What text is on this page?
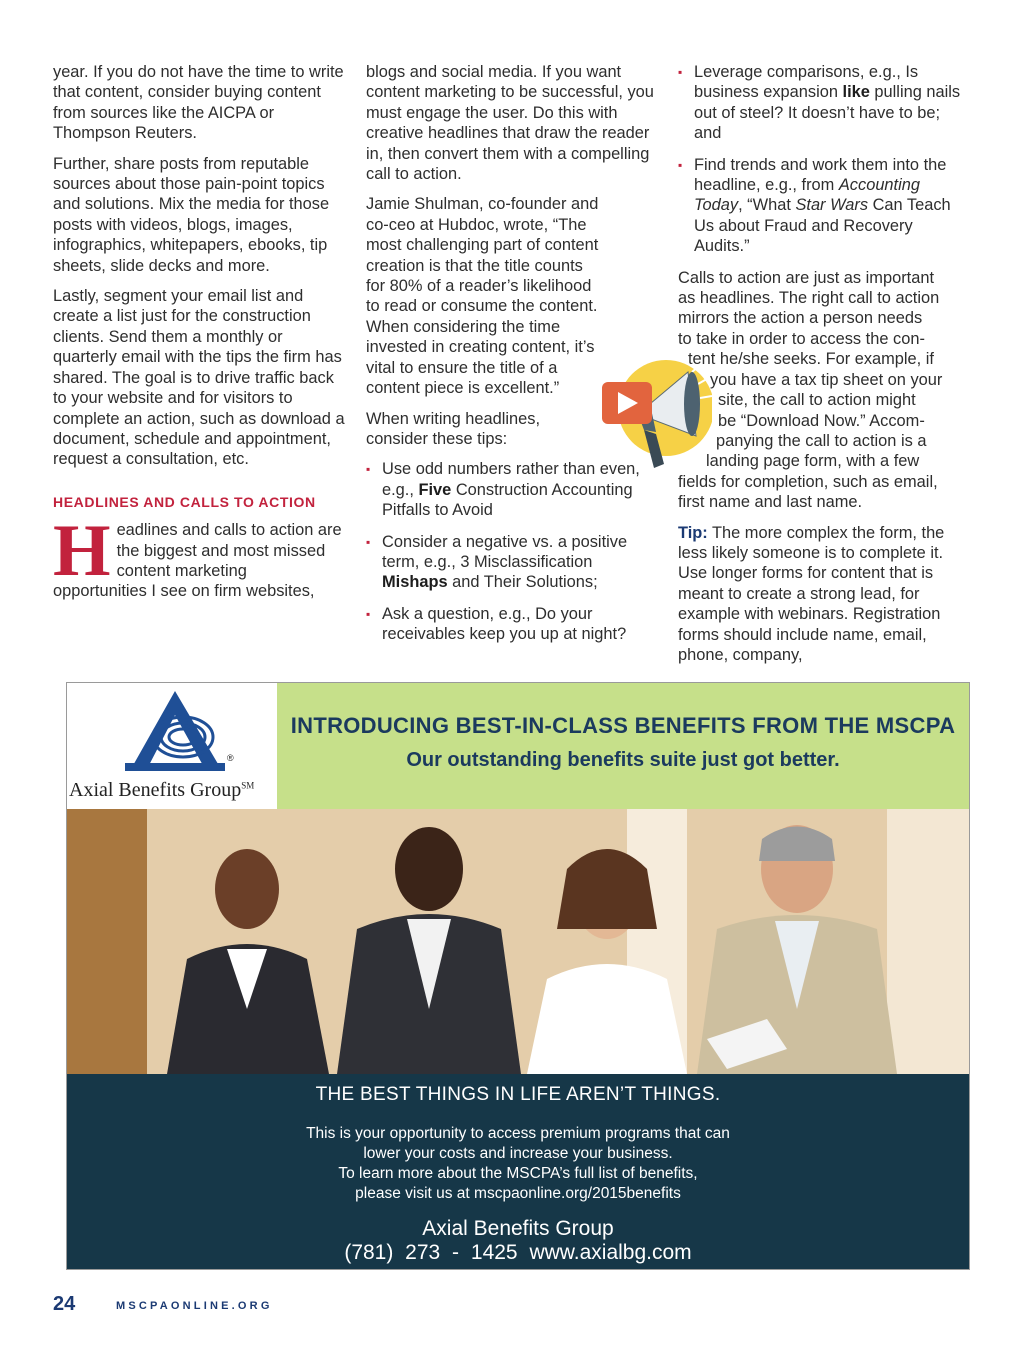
year. If you do not have the time to write that content, consider buying content from sources like the AICPA or Thompson Reuters.

Further, share posts from reputable sources about those pain-point topics and solutions. Mix the media for those posts with videos, blogs, images, infographics, whitepapers, ebooks, tip sheets, slide decks and more.

Lastly, segment your email list and create a list just for the construction clients. Send them a monthly or quarterly email with the tips the firm has shared. The goal is to drive traffic back to your website and for visitors to complete an action, such as download a document, schedule and appointment, request a consultation, etc.

HEADLINES AND CALLS TO ACTION
H eadlines and calls to action are the biggest and most missed content marketing opportunities I see on firm websites,

blogs and social media. If you want content marketing to be successful, you must engage the user. Do this with creative headlines that draw the reader in, then convert them with a compelling call to action.

Jamie Shulman, co-founder and co-ceo at Hubdoc, wrote, “The most challenging part of content creation is that the title counts for 80% of a reader’s likelihood to read or consume the content. When considering the time invested in creating content, it’s vital to ensure the title of a content piece is excellent.”

When writing headlines, consider these tips:

▪ Use odd numbers rather than even, e.g., Five Construction Accounting Pitfalls to Avoid
▪ Consider a negative vs. a positive term, e.g., 3 Misclassification Mishaps and Their Solutions;
▪ Ask a question, e.g., Do your receivables keep you up at night?
▪ Leverage comparisons, e.g., Is business expansion like pulling nails out of steel? It doesn’t have to be; and
▪ Find trends and work them into the headline, e.g., from Accounting Today, “What Star Wars Can Teach Us about Fraud and Recovery Audits.”

Calls to action are just as important
as headlines. The right call to action
mirrors the action a person needs
to take in order to access the con-
tent he/she seeks. For example, if
you have a tax tip sheet on your
site, the call to action might
be “Download Now.” Accom-
panying the call to action is a
landing page form, with a few
fields for completion, such as email,
first name and last name.

Tip: The more complex the form, the less likely someone is to complete it. Use longer forms for content that is meant to create a strong lead, for example with webinars. Registration forms should include name, email, phone, company,

®
Axial Benefits Group℠
INTRODUCING BEST-IN-CLASS BENEFITS FROM THE MSCPA
Our outstanding benefits suite just got better.
THE BEST THINGS IN LIFE AREN’T THINGS.
This is your opportunity to access premium programs that can
lower your costs and increase your business.
To learn more about the MSCPA’s full list of benefits,
please visit us at mscpaonline.org/2015benefits
Axial Benefits Group
(781) 273 - 1425 www.axialbg.com
24	MSCPAONLINE.ORG
